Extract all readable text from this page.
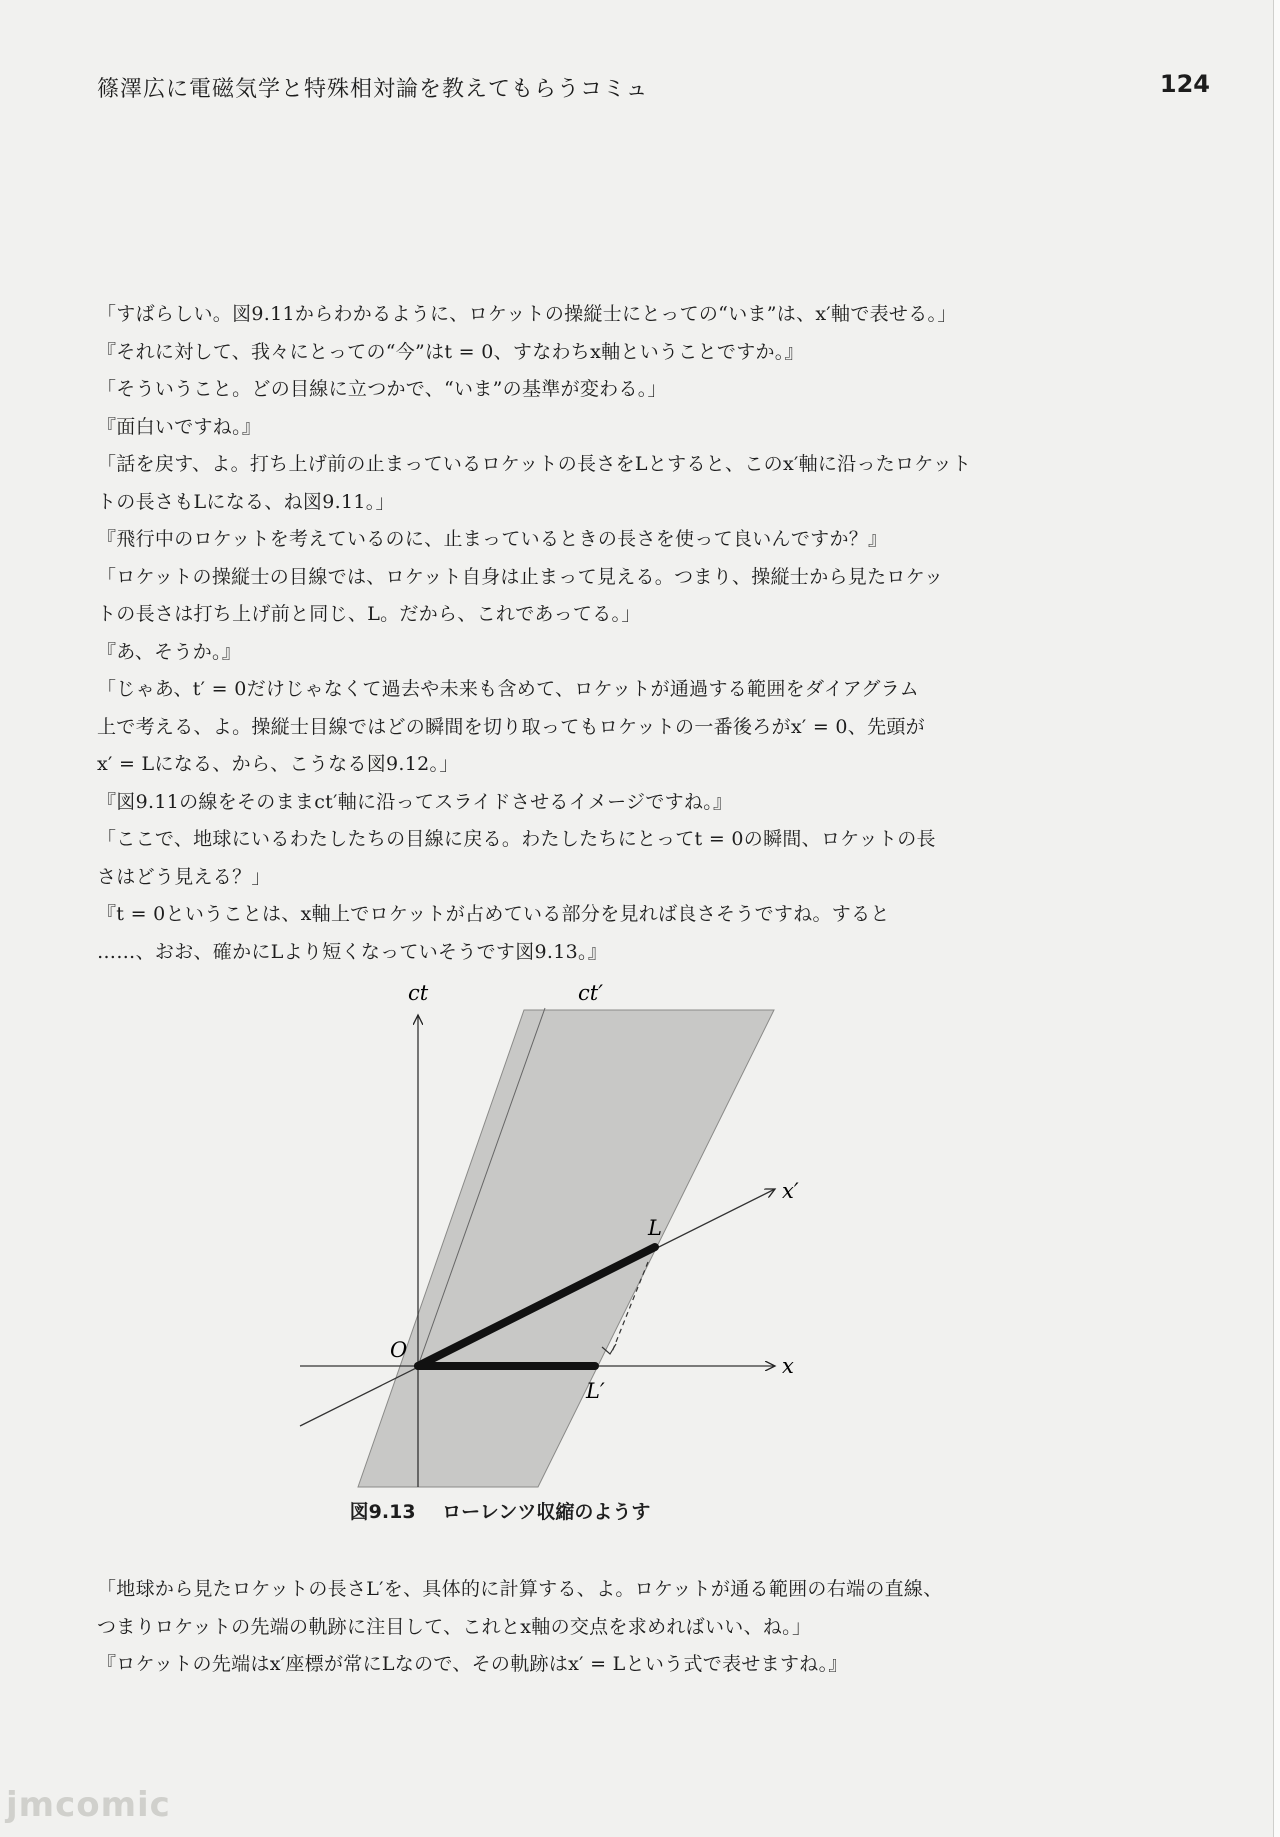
篠澤広に電磁気学と特殊相対論を教えてもらうコミュ	124
「すばらしい。図9.11からわかるように、ロケットの操縦士にとっての“いま”は、x′軸で表せる。」
『それに対して、我々にとっての“今”はt = 0、すなわちx軸ということですか。』
「そういうこと。どの目線に立つかで、“いま”の基準が変わる。」
『面白いですね。』
「話を戻す、よ。打ち上げ前の止まっているロケットの長さをLとすると、このx′軸に沿ったロケット
トの長さもLになる、ね図9.11。」
『飛行中のロケットを考えているのに、止まっているときの長さを使って良いんですか？』
「ロケットの操縦士の目線では、ロケット自身は止まって見える。つまり、操縦士から見たロケッ
トの長さは打ち上げ前と同じ、L。だから、これであってる。」
『あ、そうか。』
「じゃあ、t′ = 0だけじゃなくて過去や未来も含めて、ロケットが通過する範囲をダイアグラム
上で考える、よ。操縦士目線ではどの瞬間を切り取ってもロケットの一番後ろがx′ = 0、先頭が
x′ = Lになる、から、こうなる図9.12。」
『図9.11の線をそのままct′軸に沿ってスライドさせるイメージですね。』
「ここで、地球にいるわたしたちの目線に戻る。わたしたちにとってt = 0の瞬間、ロケットの長
さはどう見える？」
『t = 0ということは、x軸上でロケットが占めている部分を見れば良さそうですね。すると
……、おお、確かにLより短くなっていそうです図9.13。』
ct	ct′
x′
x
O
L
L′
図9.13 ローレンツ収縮のようす
「地球から見たロケットの長さL′を、具体的に計算する、よ。ロケットが通る範囲の右端の直線、
つまりロケットの先端の軌跡に注目して、これとx軸の交点を求めればいい、ね。」
『ロケットの先端はx′座標が常にLなので、その軌跡はx′ = Lという式で表せますね。』
jmcomic
